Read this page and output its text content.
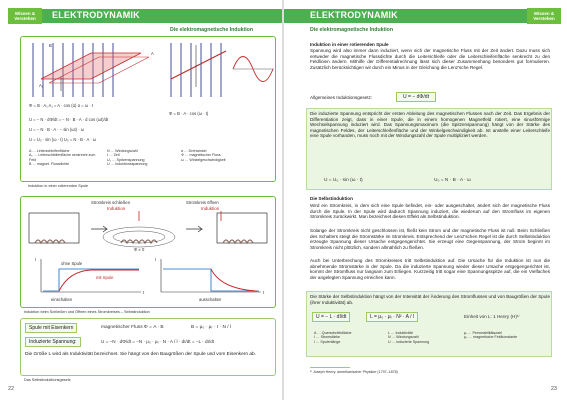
Wissen & Verstehen	ELEKTRODYNAMIK
Die elektromagnetische Induktion
B
A₁
A
Φ = B · A₁ A₁ = A · cos (α) α = ω · t
Φ = B · A · cos (ω · t)
U = − N · dΦ/dt = − N · B · A · d cos (ωt)/dt
U = − N · B · A · − sin (ωt) · ω
U = U₀ · sin (ω · t) U₀ = N · B · A · ω
A … Leiterschleifenfläche
A₁ … Leiterschleifenfläche senkrecht zum Feld
B … magnet. Flussdichte
N … Windungszahl
t … Zeit
U₀ … Spitzenspannung
U … Induktionsspannung
α … Drehwinkel
Φ … magnetischer Fluss
ω … Winkelgeschwindigkeit
Induktion in einer rotierenden Spule
Stromkreis schließen
Induktion
Stromkreis öffnen
Induktion
Φ ≠ 0
I	I
ohne Spule
mit Spule
t	t
einschalten	ausschalten
Induktion beim Schließen und Öffnen eines Stromkreises – Selbstinduktion
Spule mit Eisenkern	magnetischer Fluss Φ = A · B	B = μ₀ · μᵣ · I · N / l
Induzierte Spannung:	U = −N · dΦ/dt = −N · μ₀ · μᵣ · N · A / l · dI/dt = −L · dI/dt
Die Größe L wird als Induktivität bezeichnet. Sie hängt von den Baugrößen der Spule und vom Eisenkern ab.
Das Selbstinduktionsgesetz
22
ELEKTRODYNAMIK	Wissen & Verstehen
Die elektromagnetische Induktion
Induktion in einer rotierenden Spule
Spannung wird also immer dann induziert, wenn sich der magnetische Fluss mit der Zeit ändert. Dazu muss sich entweder die magnetische Flussdichte durch die Leiterschleife oder die Leiterschleifenfläche senkrecht zu den Feldlinien ändern. Mithilfe der Differentialrechnung lässt sich dieser Zusammenhang besonders gut formulieren. Zusätzlich berücksichtigen wir durch ein Minus in der Gleichung die Lenz'sche Regel.
Allgemeines Induktionsgesetz:	U = − dΦ/dt
Die induzierte Spannung entspricht der ersten Ableitung des magnetischen Flusses nach der Zeit. Das Ergebnis der Differentiation zeigt, dass in einer Spule, die in einem homogenen Magnetfeld rotiert, eine sinusförmige Wechselspannung induziert wird. Das Spannungsmaximum (die Spitzenspannung) hängt von der Stärke des magnetischen Feldes, der Leiterschleifenfläche und der Winkelgeschwindigkeit ab. Ist anstelle einer Leiterschleife eine Spule vorhanden, muss noch mit der Windungszahl der Spule multipliziert werden.
U = U₀ · sin (ω · t)	U₀ = N · B · A · ω
Die Selbstinduktion
Wird ein Stromkreis, in dem sich eine Spule befindet, ein- oder ausgeschaltet, ändert sich der magnetische Fluss durch die Spule. In der Spule wird dadurch Spannung induziert, die wiederum auf den Stromfluss im eigenen Stromkreis zurückwirkt. Man bezeichnet diesen Effekt als Selbstinduktion.
Solange der Stromkreis nicht geschlossen ist, fließt kein Strom und der magnetische Fluss ist null. Beim Schließen des Schalters steigt die Stromstärke im Stromkreis. Entsprechend der Lenz'schen Regel ist die durch Selbstinduktion erzeugte Spannung dieser Ursache entgegengerichtet. Sie erzeugt eine Gegenspannung, der Strom beginnt im Stromkreis nicht plötzlich, sondern allmählich zu fließen.
Auch bei Unterbrechung des Stromkreises tritt Selbstinduktion auf. Die Ursache für die Induktion ist nun die abnehmende Stromstärke in der Spule. Da die induzierte Spannung wieder dieser Ursache entgegengerichtet ist, kommt der Stromfluss nur langsam zum Erliegen. Kurzzeitig tritt sogar eine Spannungsspitze auf, die ein Vielfaches der angelegten Spannung erreichen kann.
Die Stärke der Selbstinduktion hängt von der Intensität der Änderung des Stromflusses und von Baugrößen der Spule (ihrer Induktivität) ab.
U = − L · dI/dt	L = μ₀ · μᵣ · N² · A / l	Einheit von L: 1 Henry (H)¹⁾
A … Querschnittsfläche
I … Stromstärke
l … Spulenlänge
L … Induktivität
N … Windungszahl
U … induzierte Spannung
μᵣ … Permeabilitätszahl
μ₀ … magnetische Feldkonstante
¹⁾ Joseph Henry: amerikanischer Physiker (1797–1878)
23
